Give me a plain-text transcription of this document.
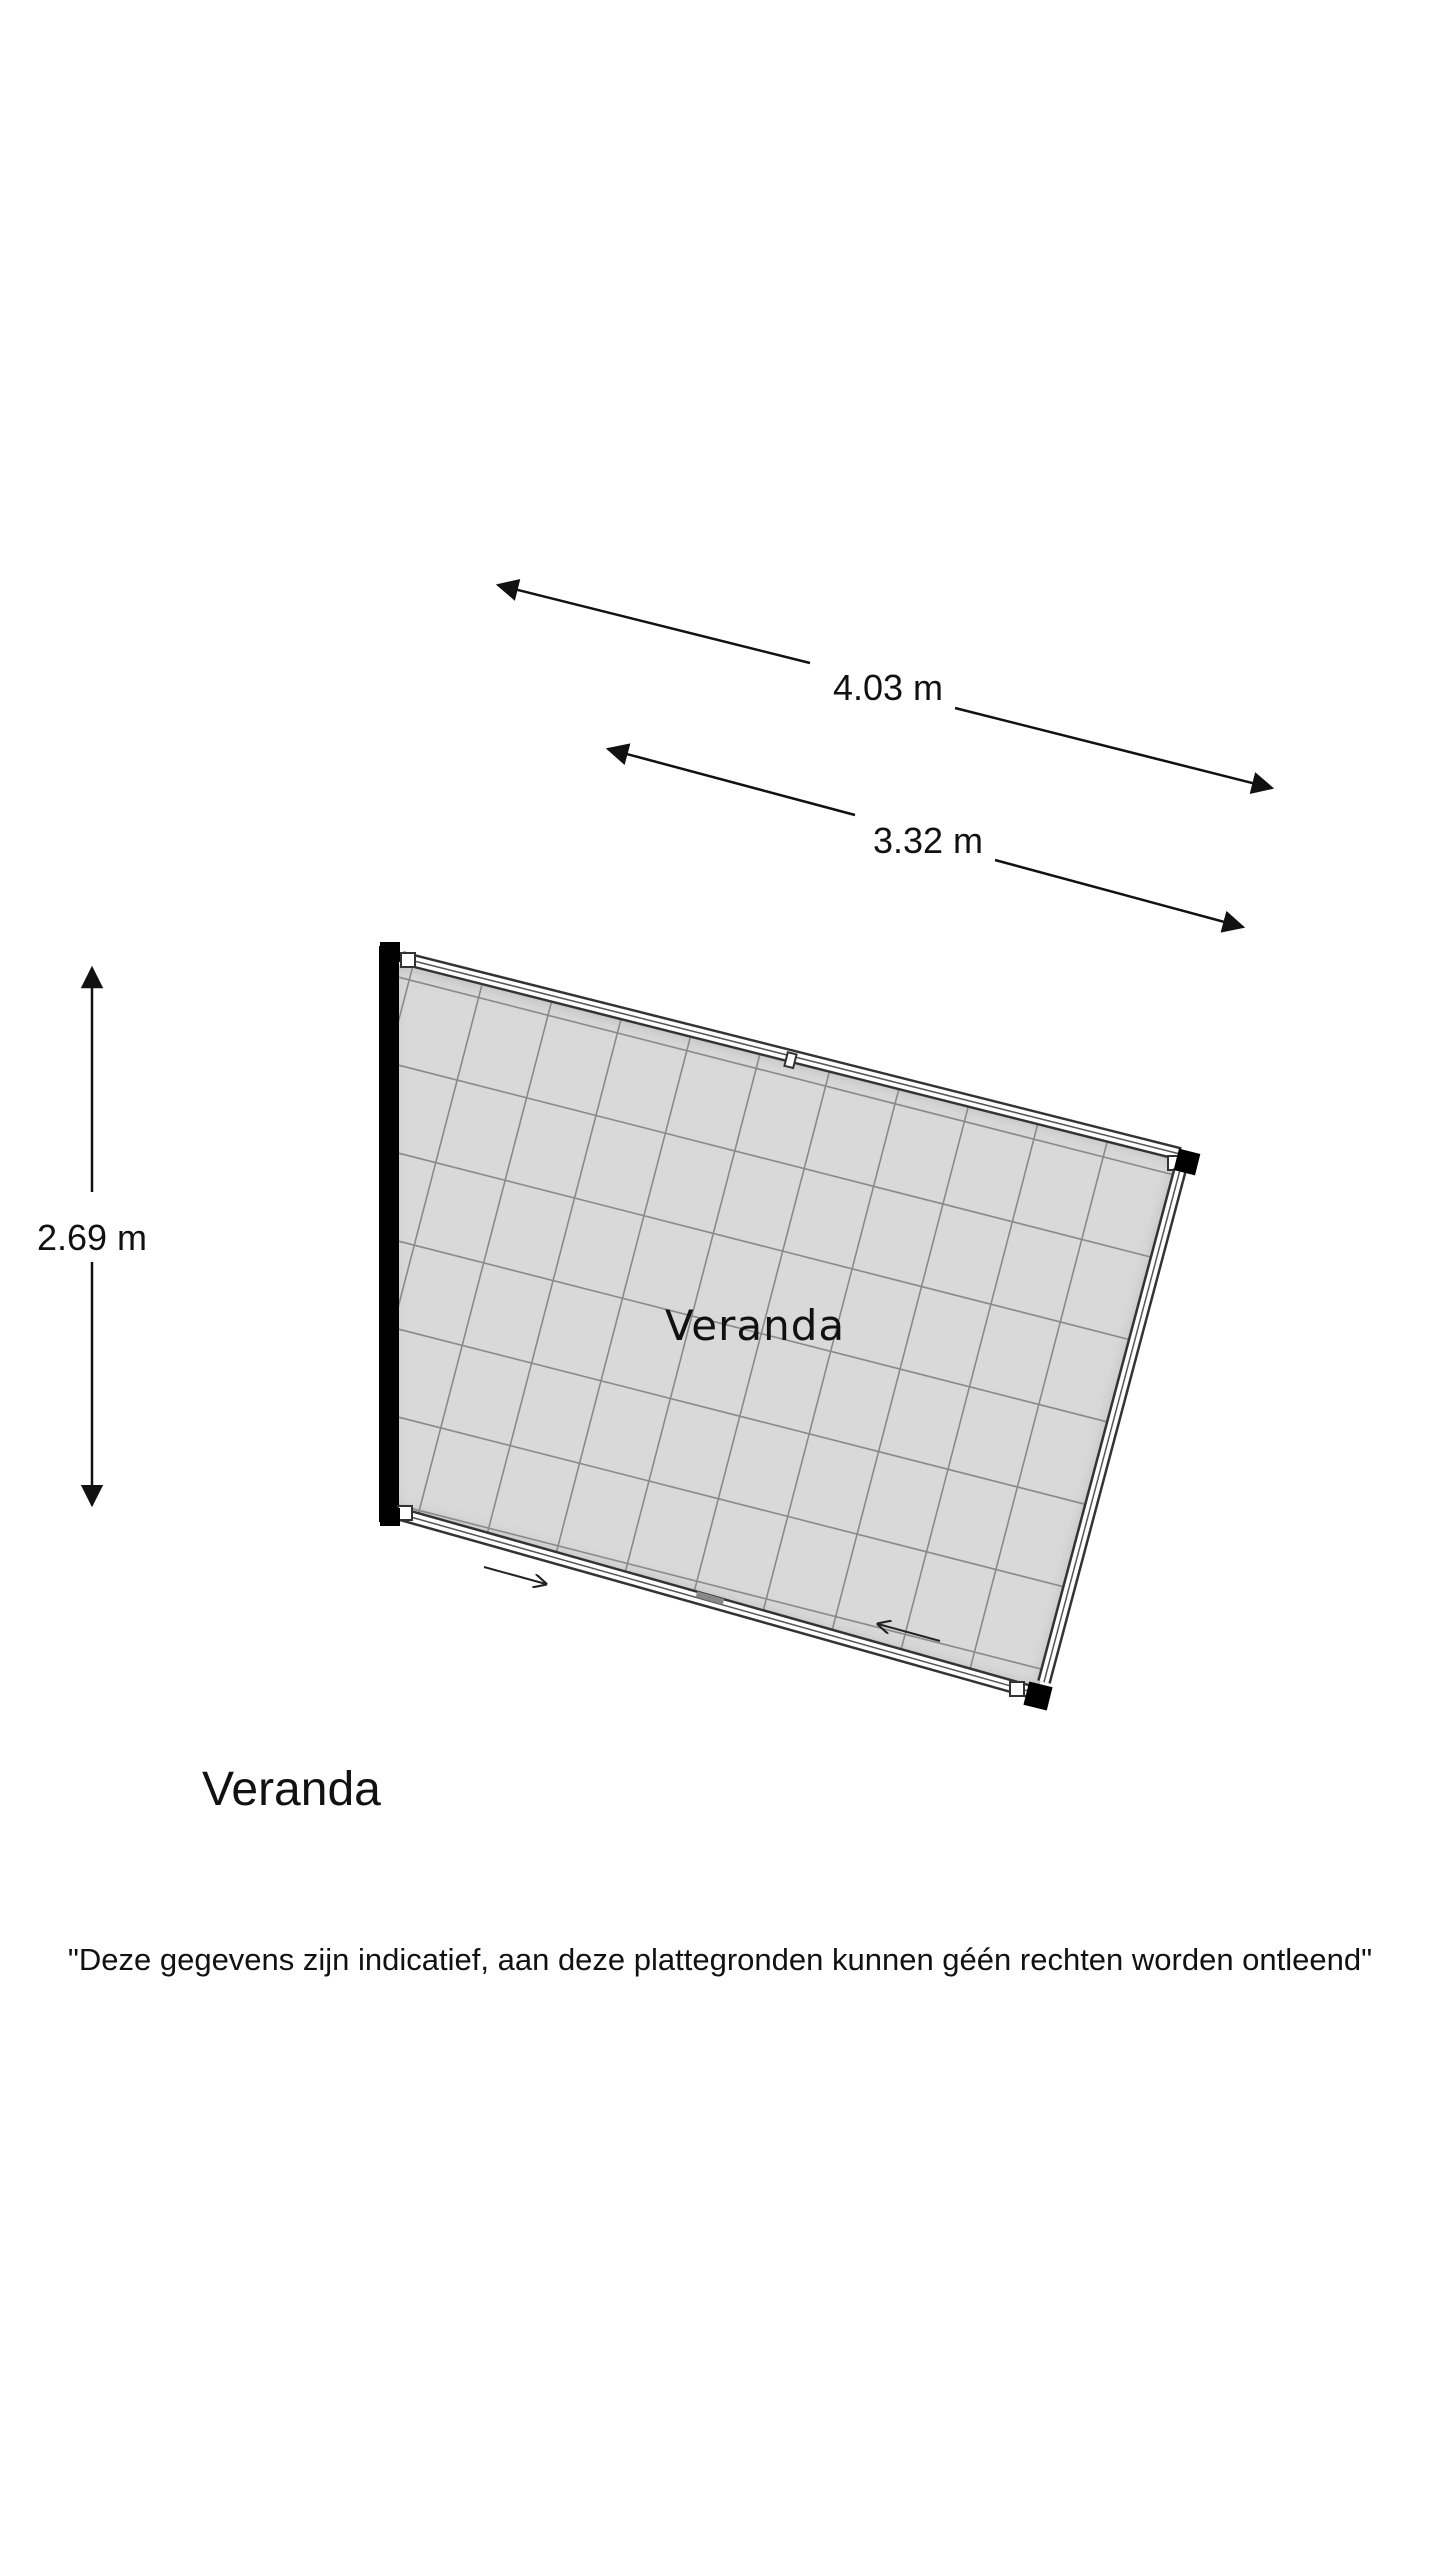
4.03 m
3.32 m
2.69 m
Veranda
Veranda
"Deze gegevens zijn indicatief, aan deze plattegronden kunnen géén rechten worden ontleend"
